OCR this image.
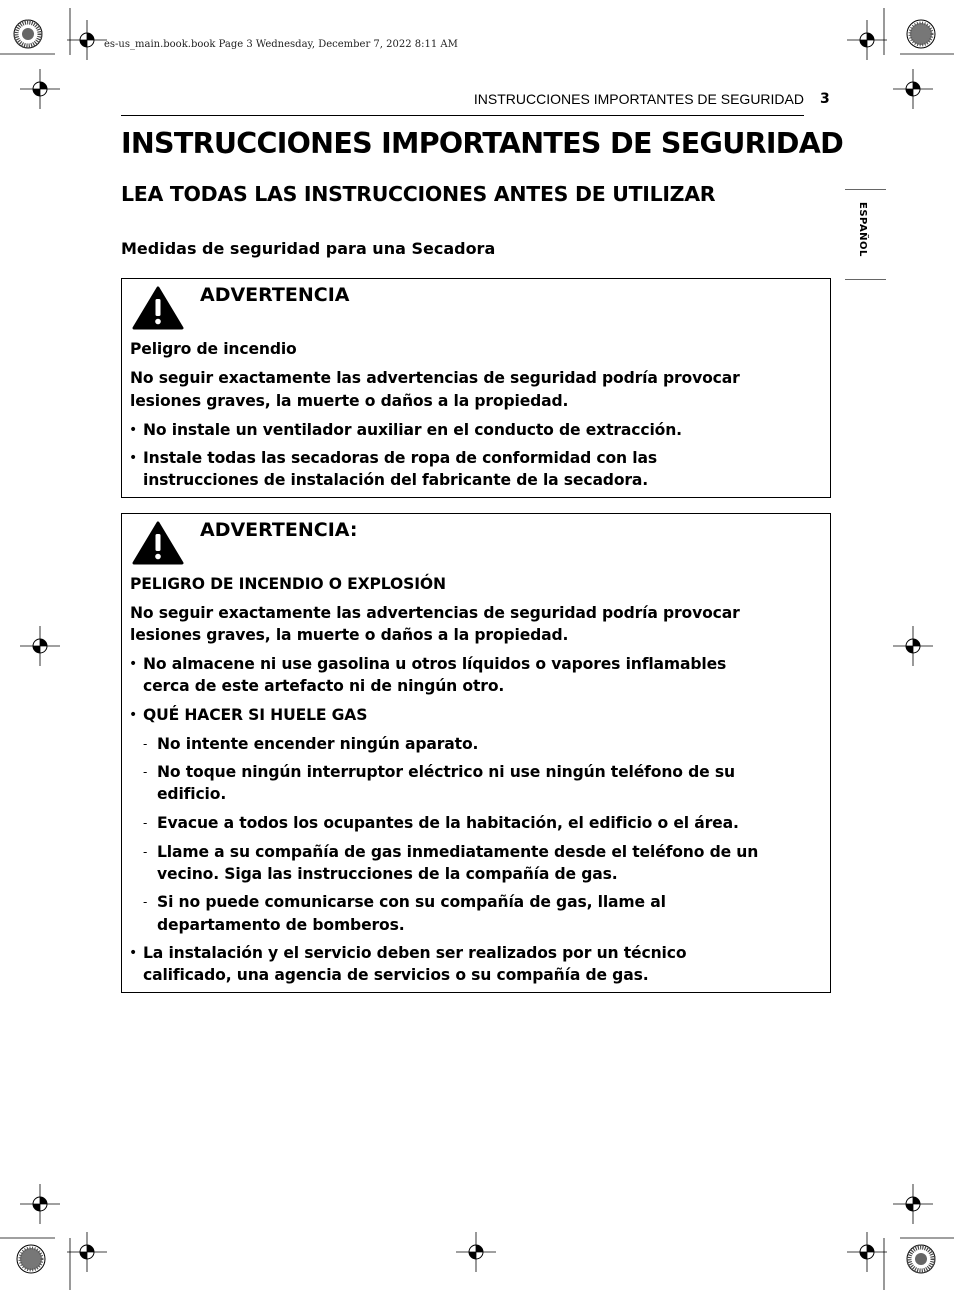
es-us_main.book.book Page 3 Wednesday, December 7, 2022 8:11 AM
INSTRUCCIONES IMPORTANTES DE SEGURIDAD 3
ESPAÑOL
INSTRUCCIONES IMPORTANTES DE SEGURIDAD
LEA TODAS LAS INSTRUCCIONES ANTES DE UTILIZAR
Medidas de seguridad para una Secadora
ADVERTENCIA
Peligro de incendio
No seguir exactamente las advertencias de seguridad podría provocar
lesiones graves, la muerte o daños a la propiedad.
• No instale un ventilador auxiliar en el conducto de extracción.
• Instale todas las secadoras de ropa de conformidad con las
instrucciones de instalación del fabricante de la secadora.
ADVERTENCIA:
PELIGRO DE INCENDIO O EXPLOSIÓN
No seguir exactamente las advertencias de seguridad podría provocar
lesiones graves, la muerte o daños a la propiedad.
• No almacene ni use gasolina u otros líquidos o vapores inflamables
cerca de este artefacto ni de ningún otro.
• QUÉ HACER SI HUELE GAS
- No intente encender ningún aparato.
- No toque ningún interruptor eléctrico ni use ningún teléfono de su
edificio.
- Evacue a todos los ocupantes de la habitación, el edificio o el área.
- Llame a su compañía de gas inmediatamente desde el teléfono de un
vecino. Siga las instrucciones de la compañía de gas.
- Si no puede comunicarse con su compañía de gas, llame al
departamento de bomberos.
• La instalación y el servicio deben ser realizados por un técnico
calificado, una agencia de servicios o su compañía de gas.
